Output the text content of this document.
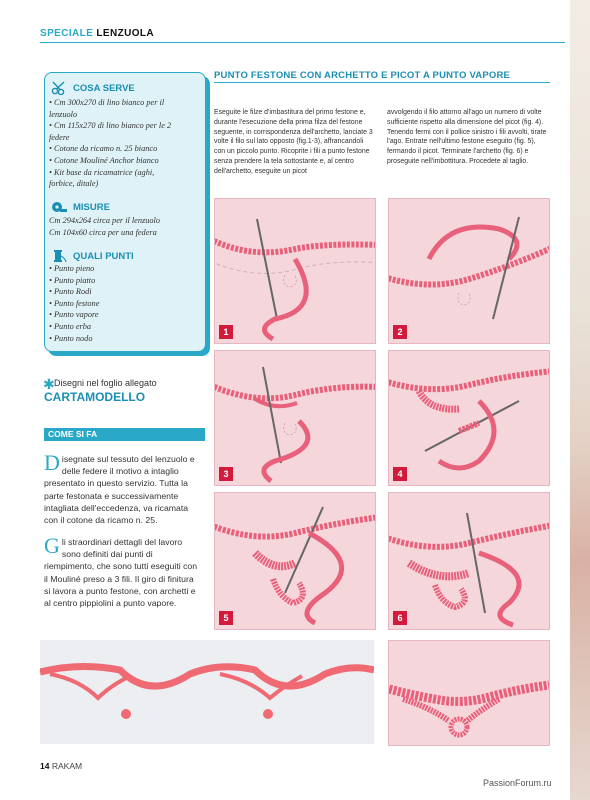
SPECIALE LENZUOLA
COSA SERVE
• Cm 300x270 di lino bianco per il
lenzuolo
• Cm 115x270 di lino bianco per le 2
federe
• Cotone da ricamo n. 25 bianco
• Cotone Mouliné Anchor bianco
• Kit base da ricamatrice (aghi,
forbice, ditale)
MISURE
Cm 294x264 circa per il lenzuolo
Cm 104x60 circa per una federa
QUALI PUNTI
• Punto pieno
• Punto piatto
• Punto Rodi
• Punto festone
• Punto vapore
• Punto erba
• Punto nodo
✱ Disegni nel foglio allegato
CARTAMODELLO
COME SI FA
Disegnate sul tessuto del lenzuolo e delle federe il motivo a intaglio presentato in questo servizio. Tutta la parte festonata e successivamente intagliata dell'eccedenza, va ricamata con il cotone da ricamo n. 25.
Gli straordinari dettagli del lavoro sono definiti dai punti di riempimento, che sono tutti eseguiti con il Mouliné preso a 3 fili. Il giro di finitura si lavora a punto festone, con archetti e al centro pippiolini a punto vapore.
PUNTO FESTONE CON ARCHETTO E PICOT A PUNTO VAPORE
Eseguite le filze d'imbastitura del primo festone e, durante l'esecuzione della prima filza del festone seguente, in corrispondenza dell'archetto, lanciate 3 volte il filo sul lato opposto (fig.1-3), affrancandoli con un piccolo punto. Ricoprite i fili a punto festone senza prendere la tela sottostante e, al centro dell'archetto, eseguite un picot
avvolgendo il filo attorno all'ago un numero di volte sufficiente rispetto alla dimensione del picot (fig. 4). Tenendo fermi con il pollice sinistro i fili avvolti, tirate l'ago. Entrate nell'ultimo festone eseguito (fig. 5), fermando il picot. Terminate l'archetto (fig. 6) e proseguite nell'imbottitura. Procedete al taglio.
1	2
3	4
5	6
14 RAKAM
PassionForum.ru
